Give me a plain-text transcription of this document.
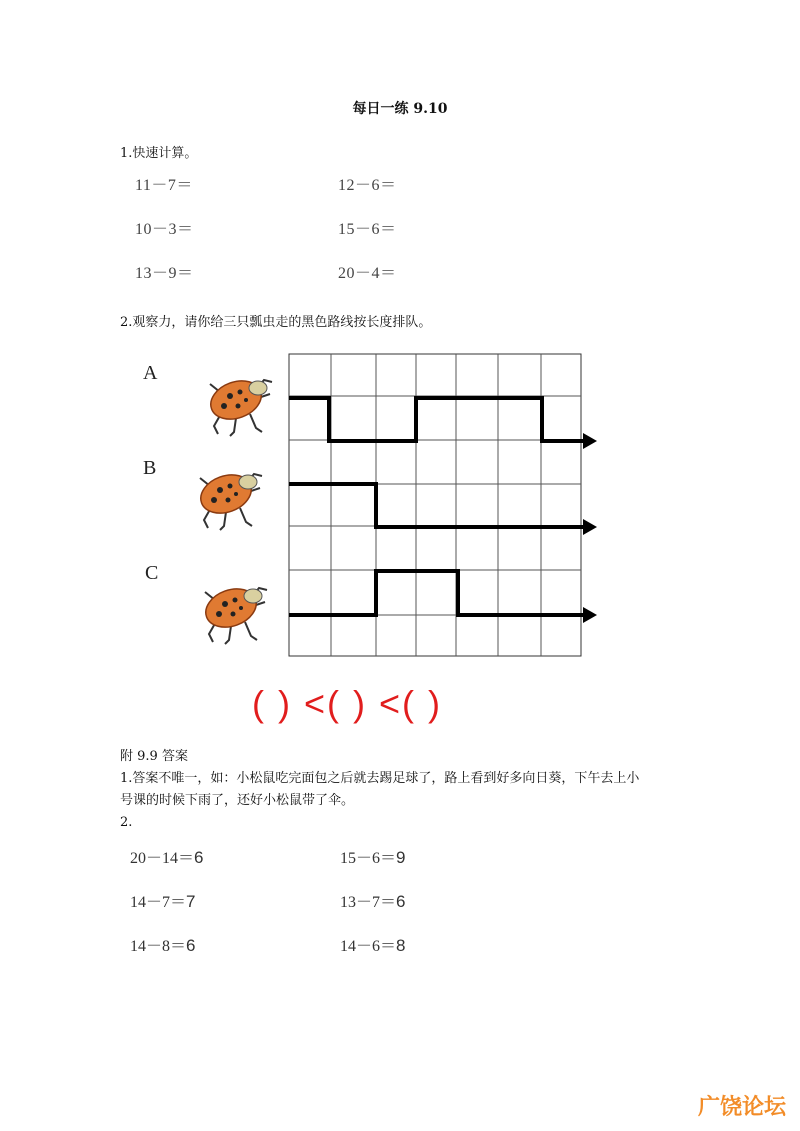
每日一练 9.10
1.快速计算。
11－7＝	12－6＝
10－3＝	15－6＝
13－9＝	20－4＝
2.观察力，请你给三只瓢虫走的黑色路线按长度排队。
A
B
C
( ) <( ) <( )
附 9.9 答案
1.答案不唯一，如：小松鼠吃完面包之后就去踢足球了，路上看到好多向日葵，下午去上小
号课的时候下雨了，还好小松鼠带了伞。
2.
20－14＝6	15－6＝9
14－7＝7	13－7＝6
14－8＝6	14－6＝8
广饶论坛
